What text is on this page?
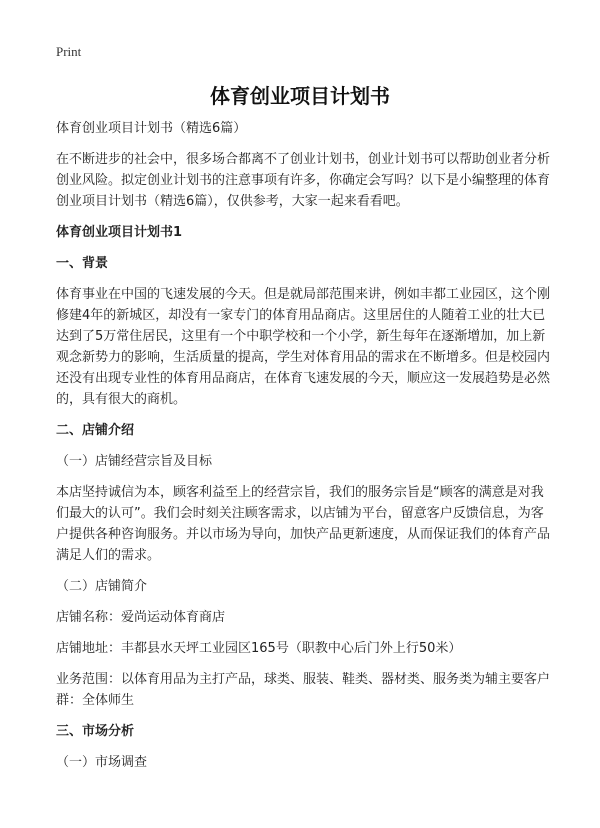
Print
体育创业项目计划书

体育创业项目计划书（精选6篇）

在不断进步的社会中，很多场合都离不了创业计划书，创业计划书可以帮助创业者分析创业风险。拟定创业计划书的注意事项有许多，你确定会写吗？以下是小编整理的体育创业项目计划书（精选6篇），仅供参考，大家一起来看看吧。

体育创业项目计划书1

一、背景

体育事业在中国的飞速发展的今天。但是就局部范围来讲，例如丰都工业园区，这个刚修建4年的新城区，却没有一家专门的体育用品商店。这里居住的人随着工业的壮大已达到了5万常住居民，这里有一个中职学校和一个小学，新生每年在逐渐增加，加上新观念新势力的影响，生活质量的提高，学生对体育用品的需求在不断增多。但是校园内还没有出现专业性的体育用品商店，在体育飞速发展的今天，顺应这一发展趋势是必然的，具有很大的商机。

二、店铺介绍

（一）店铺经营宗旨及目标

本店坚持诚信为本，顾客利益至上的经营宗旨，我们的服务宗旨是“顾客的满意是对我们最大的认可”。我们会时刻关注顾客需求，以店铺为平台，留意客户反馈信息，为客户提供各种咨询服务。并以市场为导向，加快产品更新速度，从而保证我们的体育产品满足人们的需求。

（二）店铺简介

店铺名称：爱尚运动体育商店

店铺地址：丰都县水天坪工业园区165号（职教中心后门外上行50米）

业务范围：以体育用品为主打产品，球类、服装、鞋类、器材类、服务类为辅主要客户群：全体师生

三、市场分析

（一）市场调查
